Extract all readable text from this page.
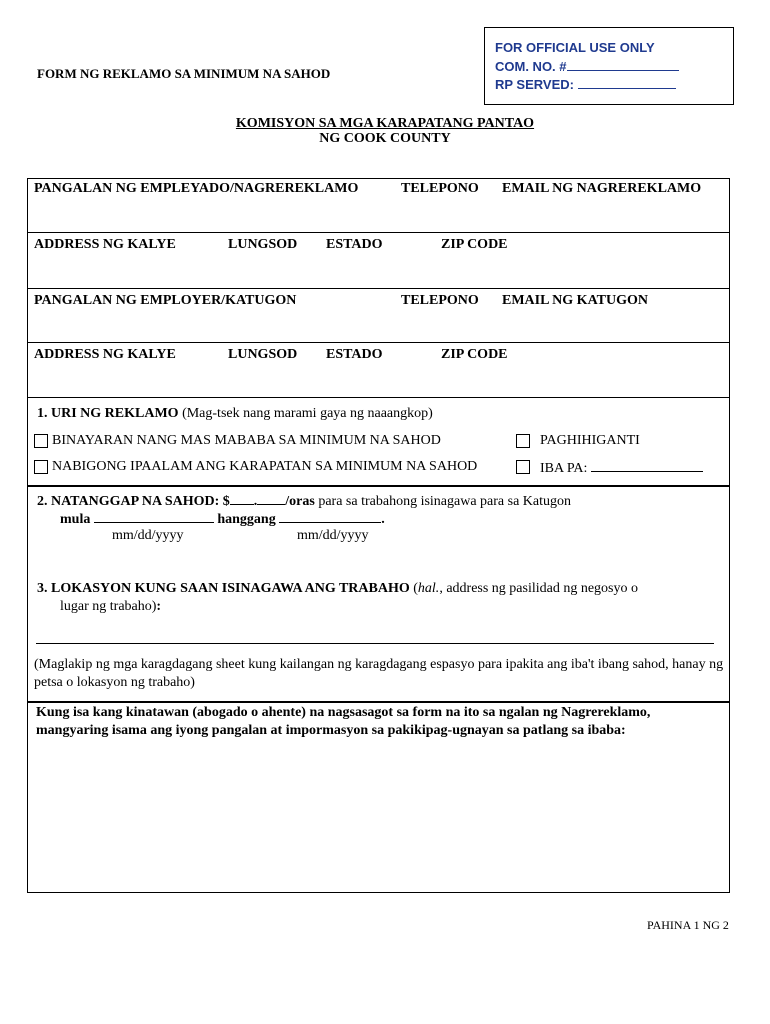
FORM NG REKLAMO SA MINIMUM NA SAHOD
FOR OFFICIAL USE ONLY
COM. NO. #
RP SERVED:
KOMISYON SA MGA KARAPATANG PANTAO
NG COOK COUNTY
PANGALAN NG EMPLEYADO/NAGREREKLAMO	TELEPONO EMAIL NG NAGREREKLAMO
ADDRESS NG KALYE	LUNGSOD ESTADO	ZIP CODE
PANGALAN NG EMPLOYER/KATUGON	TELEPONO EMAIL NG KATUGON
ADDRESS NG KALYE	LUNGSOD ESTADO	ZIP CODE
1. URI NG REKLAMO (Mag-tsek nang marami gaya ng naaangkop)
BINAYARAN NANG MAS MABABA SA MINIMUM NA SAHOD	PAGHIHIGANTI
NABIGONG IPAALAM ANG KARAPATAN SA MINIMUM NA SAHOD	IBA PA:
2. NATANGGAP NA SAHOD: $ . /oras para sa trabahong isinagawa para sa Katugon
mula	hanggang	.
mm/dd/yyyy	mm/dd/yyyy
3. LOKASYON KUNG SAAN ISINAGAWA ANG TRABAHO (hal., address ng pasilidad ng negosyo o
lugar ng trabaho):
(Maglakip ng mga karagdagang sheet kung kailangan ng karagdagang espasyo para ipakita ang iba't ibang sahod, hanay ng petsa o lokasyon ng trabaho)
Kung isa kang kinatawan (abogado o ahente) na nagsasagot sa form na ito sa ngalan ng Nagrereklamo, mangyaring isama ang iyong pangalan at impormasyon sa pakikipag-ugnayan sa patlang sa ibaba:
PAHINA 1 NG 2
